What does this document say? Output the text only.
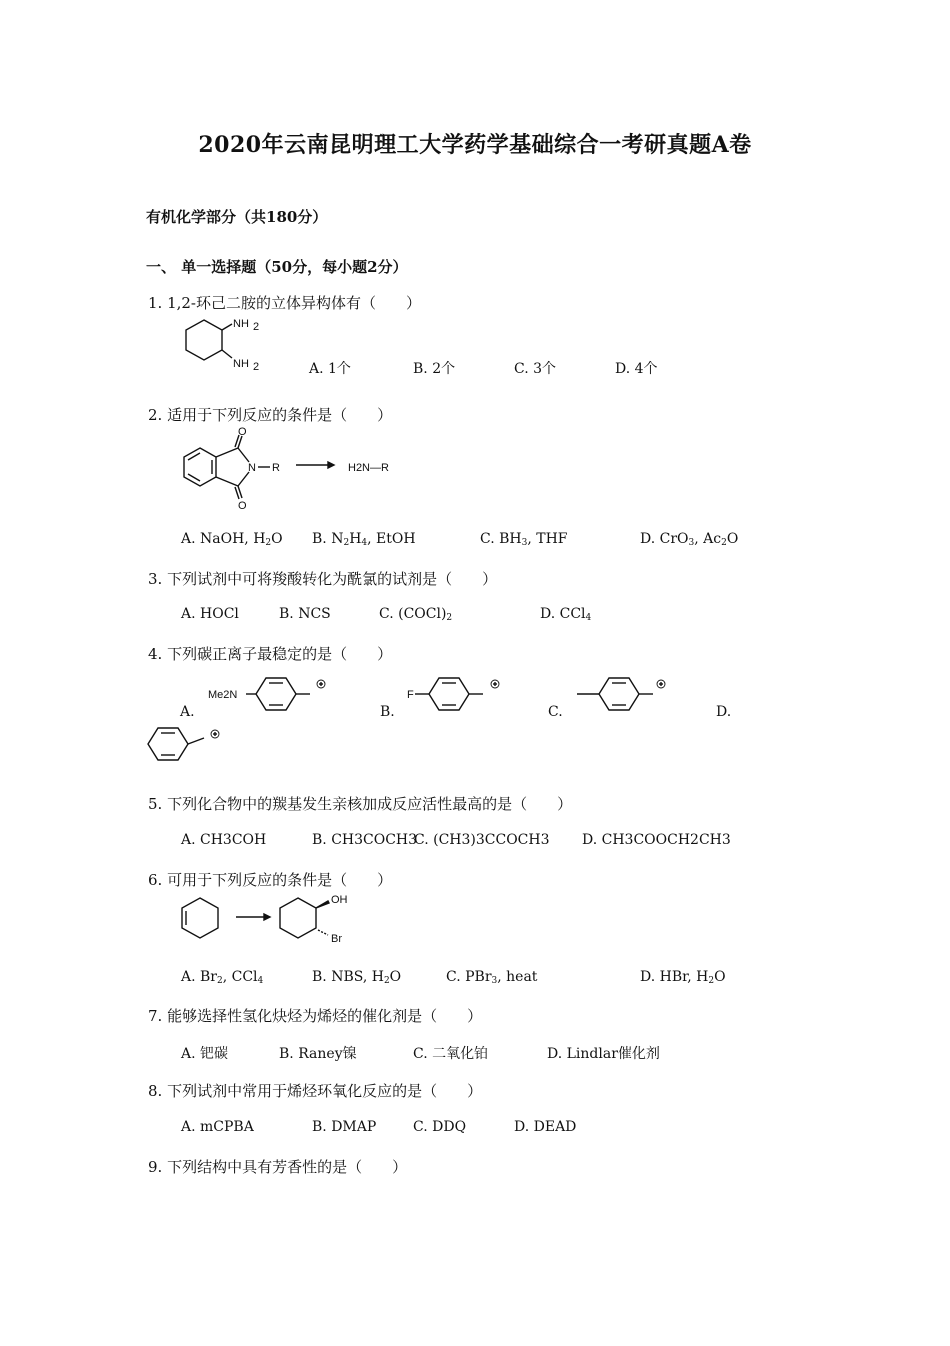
2020年云南昆明理工大学药学基础综合一考研真题A卷
有机化学部分（共180分）
一、 单一选择题（50分，每小题2分）
1. 1,2-环己二胺的立体异构体有（　　）
NH 2
NH 2	A. 1个	B. 2个	C. 3个	D. 4个
2. 适用于下列反应的条件是（　　）
O
O
N R	H2N—R
A. NaOH, $H_2O$ B. $N_2H_4$, EtOH	C. $BH_3$, THF	D. CrO$_3$, $Ac_2O$
3. 下列试剂中可将羧酸转化为酰氯的试剂是（　　）
A. HOCl	B. NCS	C. $(COCl)_2$	D. CCl$_4$
4. 下列碳正离子最稳定的是（　　）
Me2N
A.
F
B.	C.	D.
5. 下列化合物中的羰基发生亲核加成反应活性最高的是（　　）
A. CH3COH	B. CH3COCH3
C. (CH3)3CCOCH3 D. CH3COOCH2CH3
6. 可用于下列反应的条件是（　　）
OH
Br
A. $Br_2$, CCl$_4$	B. NBS, $H_2O$	C. PBr$_3$, heat	D. HBr, $H_2O$
7. 能够选择性氢化炔烃为烯烃的催化剂是（　　）
A. 钯碳	B. Raney镍	C. 二氧化铂	D. Lindlar催化剂
8. 下列试剂中常用于烯烃环氧化反应的是（　　）
A. mCPBA	B. DMAP	C. DDQ	D. DEAD
9. 下列结构中具有芳香性的是（　　）
